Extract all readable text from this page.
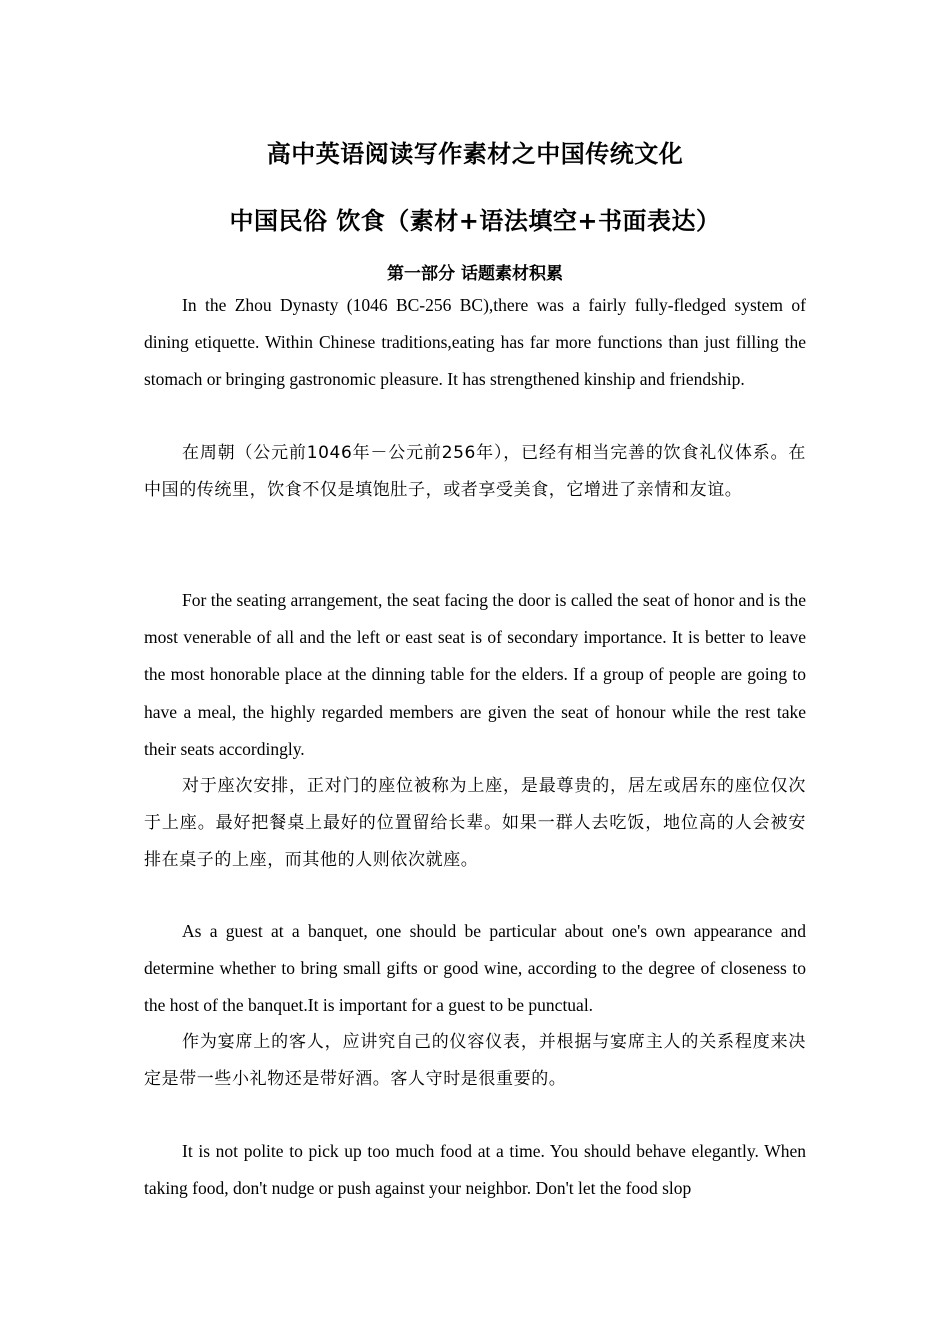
高中英语阅读写作素材之中国传统文化
中国民俗 饮食（素材+语法填空+书面表达）
第一部分 话题素材积累

In the Zhou Dynasty (1046 BC-256 BC),there was a fairly fully-fledged system of dining etiquette. Within Chinese traditions,eating has far more functions than just filling the stomach or bringing gastronomic pleasure. It has strengthened kinship and friendship.

在周朝（公元前1046年－公元前256年），已经有相当完善的饮食礼仪体系。在中国的传统里，饮食不仅是填饱肚子，或者享受美食，它增进了亲情和友谊。

For the seating arrangement, the seat facing the door is called the seat of honor and is the most venerable of all and the left or east seat is of secondary importance. It is better to leave the most honorable place at the dinning table for the elders. If a group of people are going to have a meal, the highly regarded members are given the seat of honour while the rest take their seats accordingly.

对于座次安排，正对门的座位被称为上座，是最尊贵的，居左或居东的座位仅次于上座。最好把餐桌上最好的位置留给长辈。如果一群人去吃饭，地位高的人会被安排在桌子的上座，而其他的人则依次就座。

As a guest at a banquet, one should be particular about one's own appearance and determine whether to bring small gifts or good wine, according to the degree of closeness to the host of the banquet.It is important for a guest to be punctual.

作为宴席上的客人，应讲究自己的仪容仪表，并根据与宴席主人的关系程度来决定是带一些小礼物还是带好酒。客人守时是很重要的。

It is not polite to pick up too much food at a time. You should behave elegantly. When taking food, don't nudge or push against your neighbor. Don't let the food slop
